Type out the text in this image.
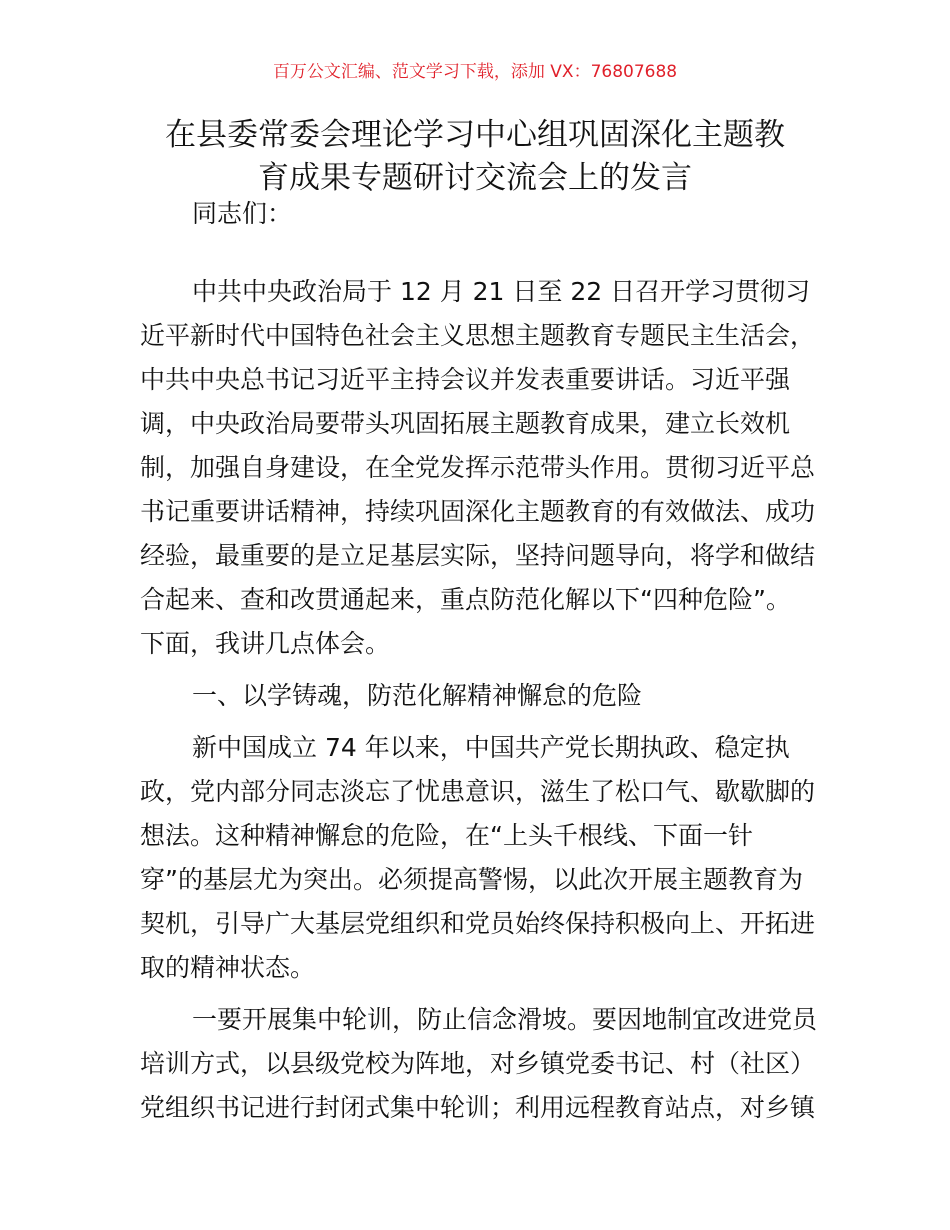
百万公文汇编、范文学习下载，添加 VX：76807688
在县委常委会理论学习中心组巩固深化主题教
育成果专题研讨交流会上的发言
同志们：
中共中央政治局于 12 月 21 日至 22 日召开学习贯彻习
近平新时代中国特色社会主义思想主题教育专题民主生活会，
中共中央总书记习近平主持会议并发表重要讲话。习近平强
调，中央政治局要带头巩固拓展主题教育成果，建立长效机
制，加强自身建设，在全党发挥示范带头作用。贯彻习近平总
书记重要讲话精神，持续巩固深化主题教育的有效做法、成功
经验，最重要的是立足基层实际，坚持问题导向，将学和做结
合起来、查和改贯通起来，重点防范化解以下“四种危险”。
下面，我讲几点体会。
一、以学铸魂，防范化解精神懈怠的危险
新中国成立 74 年以来，中国共产党长期执政、稳定执
政，党内部分同志淡忘了忧患意识，滋生了松口气、歇歇脚的
想法。这种精神懈怠的危险，在“上头千根线、下面一针
穿”的基层尤为突出。必须提高警惕，以此次开展主题教育为
契机，引导广大基层党组织和党员始终保持积极向上、开拓进
取的精神状态。
一要开展集中轮训，防止信念滑坡。要因地制宜改进党员
培训方式，以县级党校为阵地，对乡镇党委书记、村（社区）
党组织书记进行封闭式集中轮训；利用远程教育站点，对乡镇
